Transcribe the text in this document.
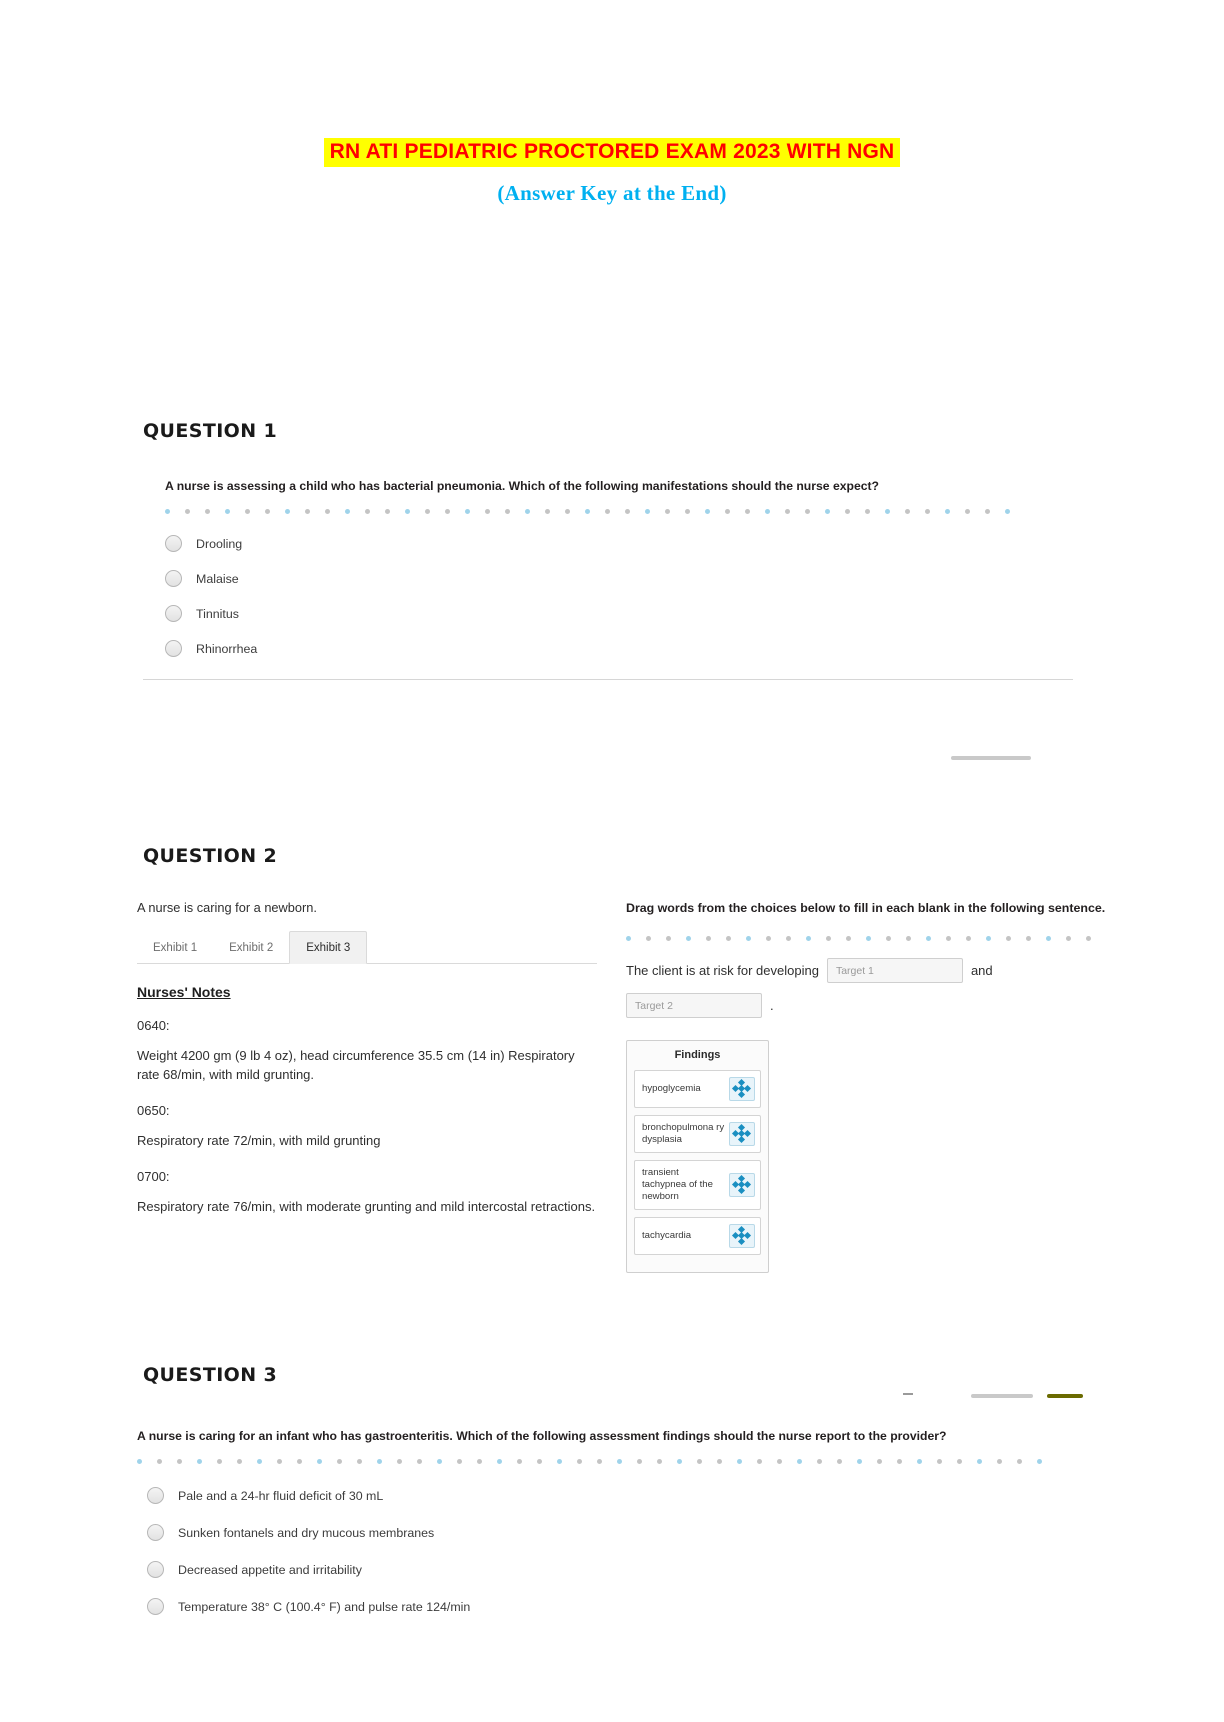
RN ATI PEDIATRIC PROCTORED EXAM 2023 WITH NGN
(Answer Key at the End)
QUESTION 1
A nurse is assessing a child who has bacterial pneumonia. Which of the following manifestations should the nurse expect?
Drooling
Malaise
Tinnitus
Rhinorrhea
QUESTION 2
A nurse is caring for a newborn.
Exhibit 1	Exhibit 2	Exhibit 3
Nurses' Notes
0640:
Weight 4200 gm (9 lb 4 oz), head circumference 35.5 cm (14 in) Respiratory rate 68/min, with mild grunting.
0650:
Respiratory rate 72/min, with mild grunting
0700:
Respiratory rate 76/min, with moderate grunting and mild intercostal retractions.
Drag words from the choices below to fill in each blank in the following sentence.
The client is at risk for developing	Target 1	and
Target 2	.
Findings
hypoglycemia
bronchopulmona ry dysplasia
transient tachypnea of the newborn
tachycardia
QUESTION 3
A nurse is caring for an infant who has gastroenteritis. Which of the following assessment findings should the nurse report to the provider?
Pale and a 24-hr fluid deficit of 30 mL
Sunken fontanels and dry mucous membranes
Decreased appetite and irritability
Temperature 38° C (100.4° F) and pulse rate 124/min
